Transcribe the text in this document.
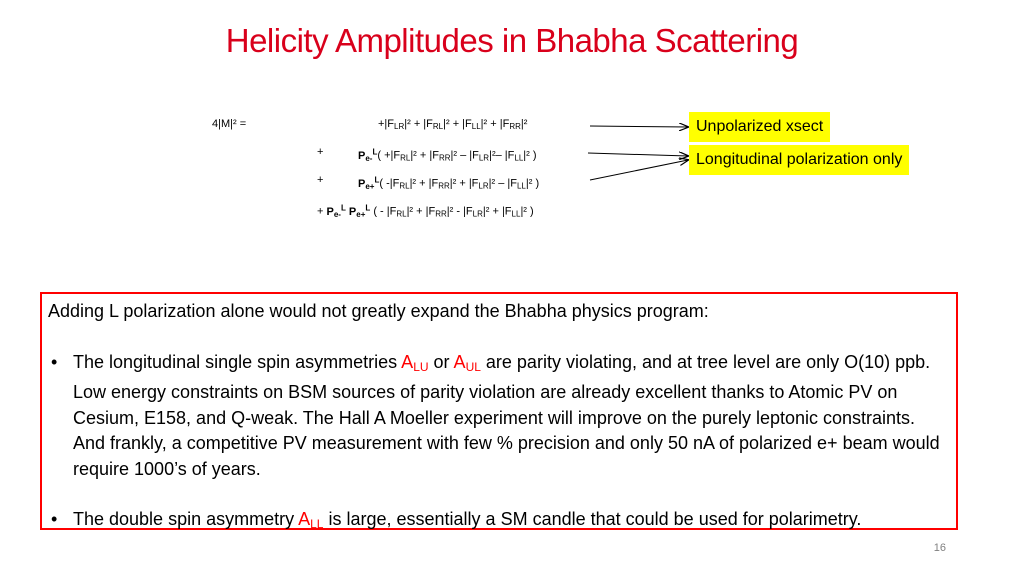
Helicity Amplitudes in Bhabha Scattering
4|M|² =	$+|F_{LR}|^2 + |F_{RL}|^2 + |F_{LL}|^2 + |F_{RR}|^2$
+	Pe-$^L$( +|FRL|² + |FRR|² – |FLR|²– |FLL|² )
+	Pe+$^L$( -|FRL|² + |FRR|² + |FLR|² – |FLL|² )
+ Pe-$^L$ Pe+$^L$ ( - |FRL|² + |FRR|² - |FLR|² + |FLL|² )
Unpolarized xsect
Longitudinal polarization only

Adding L polarization alone would not greatly expand the Bhabha physics program:

• The longitudinal single spin asymmetries $A_{LU}$ or $A_{UL}$ are parity violating, and at tree level are only O(10) ppb. Low energy constraints on BSM sources of parity violation are already excellent thanks to Atomic PV on Cesium, E158, and Q-weak. The Hall A Moeller experiment will improve on the purely leptonic constraints. And frankly, a competitive PV measurement with few % precision and only 50 nA of polarized e+ beam would require 1000’s of years.
• The double spin asymmetry $A_{LL}$ is large, essentially a SM candle that could be used for polarimetry.
16
